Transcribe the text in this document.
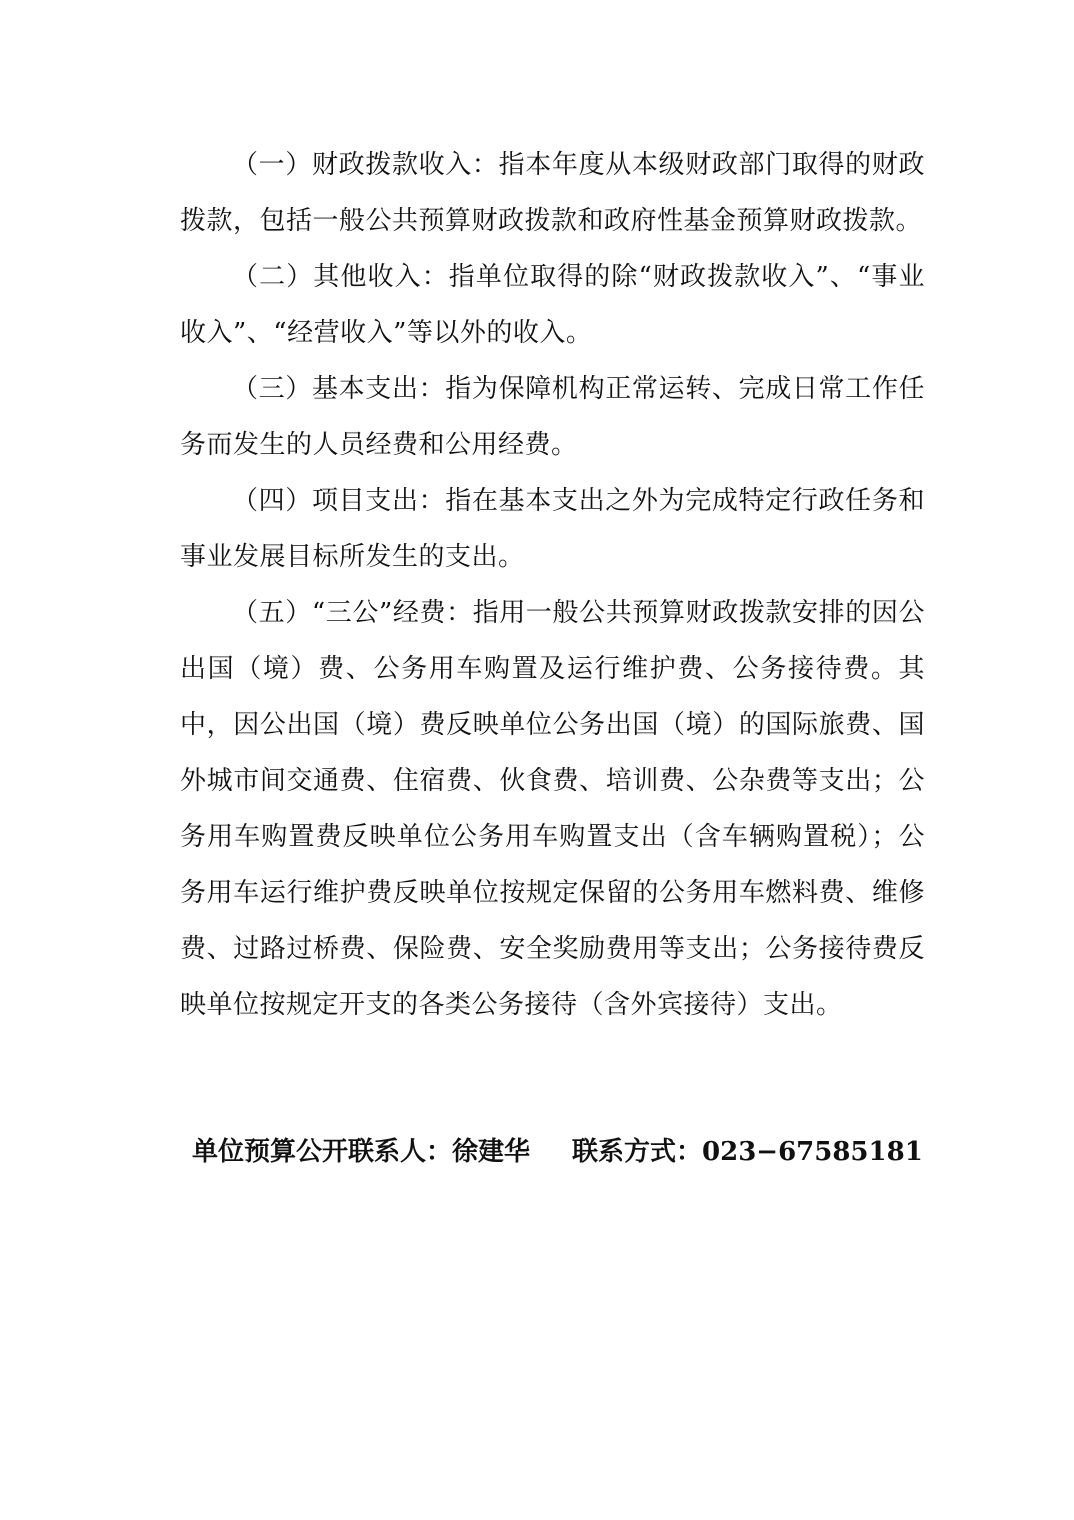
（一）财政拨款收入：指本年度从本级财政部门取得的财政拨款，包括一般公共预算财政拨款和政府性基金预算财政拨款。

（二）其他收入：指单位取得的除“财政拨款收入”、“事业收入”、“经营收入”等以外的收入。

（三）基本支出：指为保障机构正常运转、完成日常工作任务而发生的人员经费和公用经费。

（四）项目支出：指在基本支出之外为完成特定行政任务和事业发展目标所发生的支出。

（五）“三公”经费：指用一般公共预算财政拨款安排的因公出国（境）费、公务用车购置及运行维护费、公务接待费。其中，因公出国（境）费反映单位公务出国（境）的国际旅费、国外城市间交通费、住宿费、伙食费、培训费、公杂费等支出；公务用车购置费反映单位公务用车购置支出（含车辆购置税）；公务用车运行维护费反映单位按规定保留的公务用车燃料费、维修费、过路过桥费、保险费、安全奖励费用等支出；公务接待费反映单位按规定开支的各类公务接待（含外宾接待）支出。

单位预算公开联系人：徐建华 联系方式：023−67585181
